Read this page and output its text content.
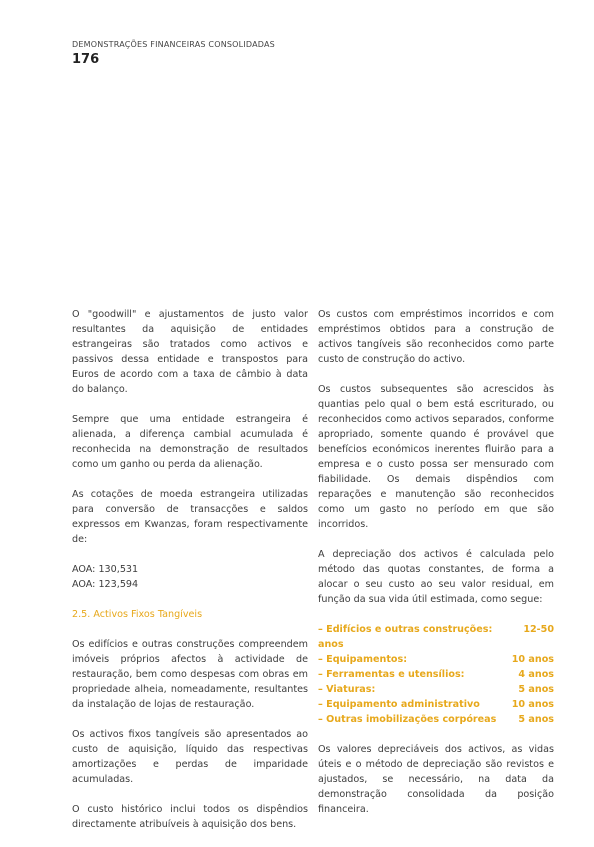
DEMONSTRAÇÕES FINANCEIRAS CONSOLIDADAS
176

O "goodwill" e ajustamentos de justo valor resultantes da aquisição de entidades estrangeiras são tratados como activos e passivos dessa entidade e transpostos para Euros de acordo com a taxa de câmbio à data do balanço.

Sempre que uma entidade estrangeira é alienada, a diferença cambial acumulada é reconhecida na demonstração de resultados como um ganho ou perda da alienação.

As cotações de moeda estrangeira utilizadas para conversão de transacções e saldos expressos em Kwanzas, foram respectivamente de:

AOA: 130,531

AOA: 123,594

2.5. Activos Fixos Tangíveis

Os edifícios e outras construções compreendem imóveis próprios afectos à actividade de restauração, bem como despesas com obras em propriedade alheia, nomeadamente, resultantes da instalação de lojas de restauração.

Os activos fixos tangíveis são apresentados ao custo de aquisição, líquido das respectivas amortizações e perdas de imparidade acumuladas.

O custo histórico inclui todos os dispêndios directamente atribuíveis à aquisição dos bens.

Os custos com empréstimos incorridos e com empréstimos obtidos para a construção de activos tangíveis são reconhecidos como parte custo de construção do activo.

Os custos subsequentes são acrescidos às quantias pelo qual o bem está escriturado, ou reconhecidos como activos separados, conforme apropriado, somente quando é provável que benefícios económicos inerentes fluirão para a empresa e o custo possa ser mensurado com fiabilidade. Os demais dispêndios com reparações e manutenção são reconhecidos como um gasto no período em que são incorridos.

A depreciação dos activos é calculada pelo método das quotas constantes, de forma a alocar o seu custo ao seu valor residual, em função da sua vida útil estimada, como segue:

– Edifícios e outras construções:	12-50
anos
– Equipamentos:	10 anos
– Ferramentas e utensílios:	4 anos
– Viaturas:	5 anos
– Equipamento administrativo	10 anos
– Outras imobilizações corpóreas 5 anos

Os valores depreciáveis dos activos, as vidas úteis e o método de depreciação são revistos e ajustados, se necessário, na data da demonstração consolidada da posição financeira.
